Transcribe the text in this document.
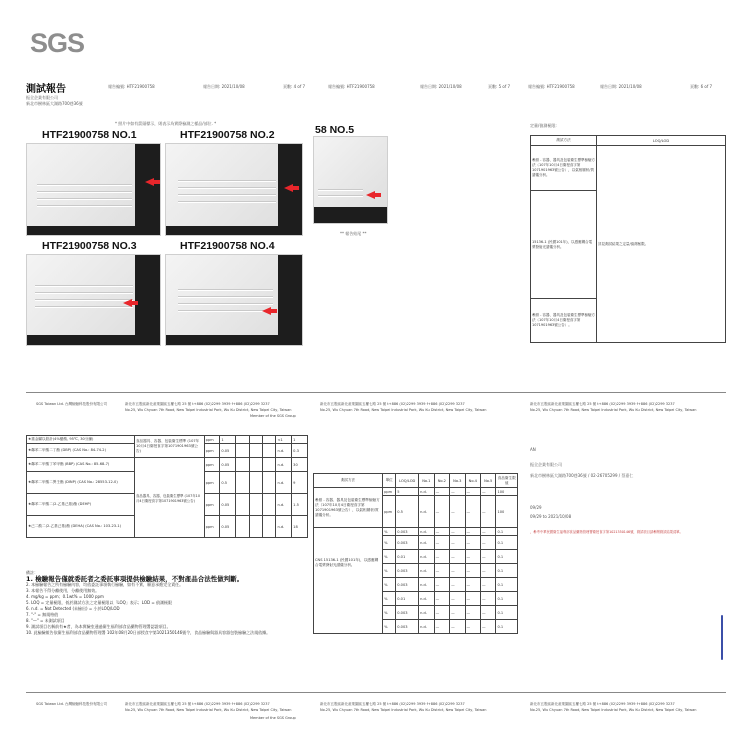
SGS
測試報告
振全企業有限公司
新北市樹林區大湖路700巷36號
報告編號: HTF21900758	報告日期: 2021/10/08	頁數: 4 of 7	報告編號: HTF21900758	報告日期: 2021/10/08	頁數: 5 of 7	報告編號: HTF21900758	報告日期: 2021/10/08	頁數: 6 of 7
* 照片中如有箭頭標示，則表示為實際檢測之樣品/部位. *
HTF21900758 NO.1	HTF21900758 NO.2	58 NO.5
HTF21900758 NO.3	HTF21900758 NO.4
** 報告結尾 **
定量/偵測極限:
測試方法	LOQ/LOD
參照 - 容器、器具及包裝衛生標準檢驗方法（107年10月4日衛授食字第1071901963號公告），以氣相層析/質譜儀分析。	詳見測試結果之定量/偵測極限。
15136-1 (民國101年)，以感應耦合電漿發射光譜儀分析。	
參照 - 容器、器具及包裝衛生標準檢驗方法（107年10月4日衛授食字第1071901963號公告）。	
SGS Taiwan Ltd. 台灣檢驗科技股份有限公司	新北市五股區新北產業園區五權七路 25 號 t+886 (02)2299 3939 f+886 (02)2299 3237
No.25, Wu Chyuan 7th Road, New Taipei Industrial Park, Wu Ku District, New Taipei City, Taiwan
新北市五股區新北產業園區五權七路 25 號 t+886 (02)2299 3939 f+886 (02)2299 3237
No.25, Wu Chyuan 7th Road, New Taipei Industrial Park, Wu Ku District, New Taipei City, Taiwan
新北市五股區新北產業園區五權七路 25 號 t+886 (02)2299 3939 f+886 (02)2299 3237
No.25, Wu Chyuan 7th Road, New Taipei Industrial Park, Wu Ku District, New Taipei City, Taiwan
Member of the SGS Group
★重金屬以鉛計(4%醋酸, 95℃, 30分鐘)	食品器具、容器、包裝衛生標準 (107年10月4日衛授食字第1071901963號公告)	ppm	1				<1	1
★鄰苯二甲酸二丁酯 (DBP) (CAS No.: 84-74-2)		ppm	0.05				n.d.	0.3
★鄰苯二甲酸丁苯甲酯 (BBP) (CAS No.: 85-68-7)	食品器具、容器、包裝衛生標準 (107年10月4日衛授食字第1071901963號公告)	ppm	0.05				n.d.	30
★鄰苯二甲酸二異壬酯 (DINP) (CAS No.: 28553-12-0)		ppm	0.5				n.d.	9
★鄰苯二甲酸二(2-乙基己基)酯 (DEHP)		ppm	0.05				n.d.	1.5
★己二酸二(2-乙基己基)酯 (DEHA) (CAS No.: 103-23-1)		ppm	0.05				n.d.	18
測試方法	單位	LOQ/LOD	No.1	No.2	No.3	No.4	No.5	食品衛生限值
參照 - 容器、器具及包裝衛生標準檢驗方法（107年10月4日衛授食字第1071901963號公告），以氣相層析/質譜儀分析。	ppm	5	n.d.	—	—	—	—	100
	ppm	0.5	n.d.	—	—	—	—	100
CNS 15136-1 (民國101年)，以感應耦合電漿發射光譜儀分析。	%	0.003	n.d.	—	—	—	—	0.1
	%	0.003	n.d.	—	—	—	—	0.1
	%	0.01	n.d.	—	—	—	—	0.1
	%	0.003	n.d.	—	—	—	—	0.1
	%	0.003	n.d.	—	—	—	—	0.1
	%	0.01	n.d.	—	—	—	—	0.1
	%	0.003	n.d.	—	—	—	—	0.1
	%	0.003	n.d.	—	—	—	—	0.1
備註：
1. 檢驗報告僅就委託者之委託事項提供檢驗結果，不對產品合法性做判斷。
2. 本檢驗報告之所有檢驗內容，均依委託事項執行檢驗，如有不實，願意承擔完全責任。
3. 本報告不得分離使用，分離使用無效。
4. mg/kg = ppm；0.1wt% = 1000 ppm
5. LOQ = 定量極限，低於測試方法之定量極限以「LOQ」表示；LOD = 偵測極限
6. n.d. = Not Detected (未檢出) = 小於LOQ/LOD
7. "-" = 無規格值
8. "—" = 未測試項目
9. 測試項目名稱前有★者，為本實驗室通過衛生福利部食品藥物管理署認證項目。
10. 此檢驗報告依衛生福利部食品藥物管理署 102年08月20日部授食字第1021350146號令，食品檢驗與器具容器包裝檢驗之法規依據。
AN
振全企業有限公司
新北市樹林區大湖路700巷36號 / 02-26705299 / 蔡嘉仁
09/29
09/29 to 2021/10/08
，參考中華民國衛生福利部食品藥物管理署衛授食字第1021350146號，測試項目請參閱測試結果清單。
SGS Taiwan Ltd. 台灣檢驗科技股份有限公司	新北市五股區新北產業園區五權七路 25 號 t+886 (02)2299 3939 f+886 (02)2299 3237
No.25, Wu Chyuan 7th Road, New Taipei Industrial Park, Wu Ku District, New Taipei City, Taiwan
新北市五股區新北產業園區五權七路 25 號 t+886 (02)2299 3939 f+886 (02)2299 3237
No.25, Wu Chyuan 7th Road, New Taipei Industrial Park, Wu Ku District, New Taipei City, Taiwan
新北市五股區新北產業園區五權七路 25 號 t+886 (02)2299 3939 f+886 (02)2299 3237
No.25, Wu Chyuan 7th Road, New Taipei Industrial Park, Wu Ku District, New Taipei City, Taiwan
Member of the SGS Group
